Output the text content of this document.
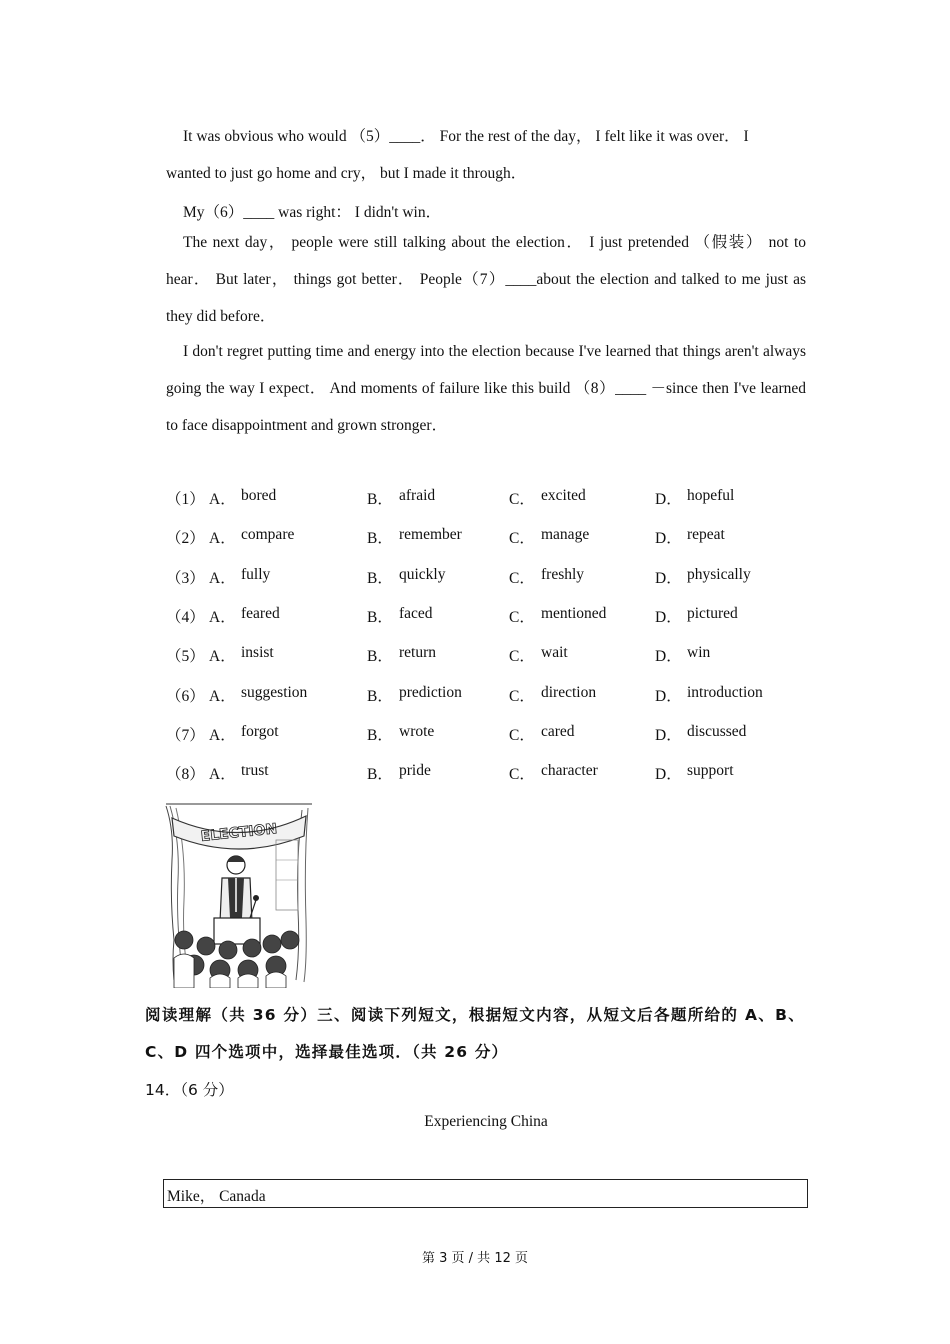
It was obvious who would （5）____． For the rest of the day， I felt like it was over． I
wanted to just go home and cry， but I made it through．
My（6）____ was right： I didn't win．
The next day， people were still talking about the election． I just pretended （假装） not to hear． But later， things got better． People（7）____about the election and talked to me just as they did before．
I don't regret putting time and energy into the election because I've learned that things aren't always going the way I expect． And moments of failure like this build （8）____ －since then I've learned to face disappointment and grown stronger．
（1） A． bored	B． afraid	C． excited	D． hopeful
（2） A． compare	B． remember	C． manage	D． repeat
（3） A． fully	B． quickly	C． freshly	D． physically
（4） A． feared	B． faced	C． mentioned	D． pictured
（5） A． insist	B． return	C． wait	D． win
（6） A． suggestion	B． prediction	C． direction	D． introduction
（7） A． forgot	B． wrote	C． cared	D． discussed
（8） A． trust	B． pride	C． character	D． support
ELECTION
阅读理解（共 36 分）三、阅读下列短文，根据短文内容，从短文后各题所给的 A、B、C、D 四个选项中，选择最佳选项．（共 26 分）
14．（6 分）
Experiencing China
Mike， Canada
第 3 页 / 共 12 页
